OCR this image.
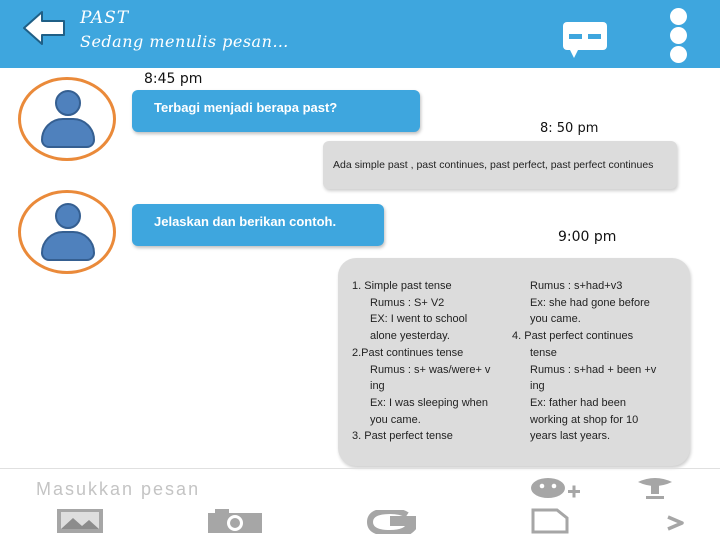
PAST
Sedang menulis pesan…
8:45 pm
Terbagi menjadi berapa past?
8: 50 pm
Ada simple past , past continues, past perfect, past perfect continues
Jelaskan dan berikan contoh.
9:00 pm
1. Simple past tense
Rumus : S+ V2
EX: I went to school
alone yesterday.
2.Past continues tense
Rumus : s+ was/were+ v
ing
Ex: I was sleeping when
you came.
3. Past perfect tense
Rumus : s+had+v3
Ex: she had gone before
you came.
4. Past perfect continues
tense
Rumus : s+had + been +v
ing
Ex: father had been
working at shop for 10
years last years.
Masukkan pesan
